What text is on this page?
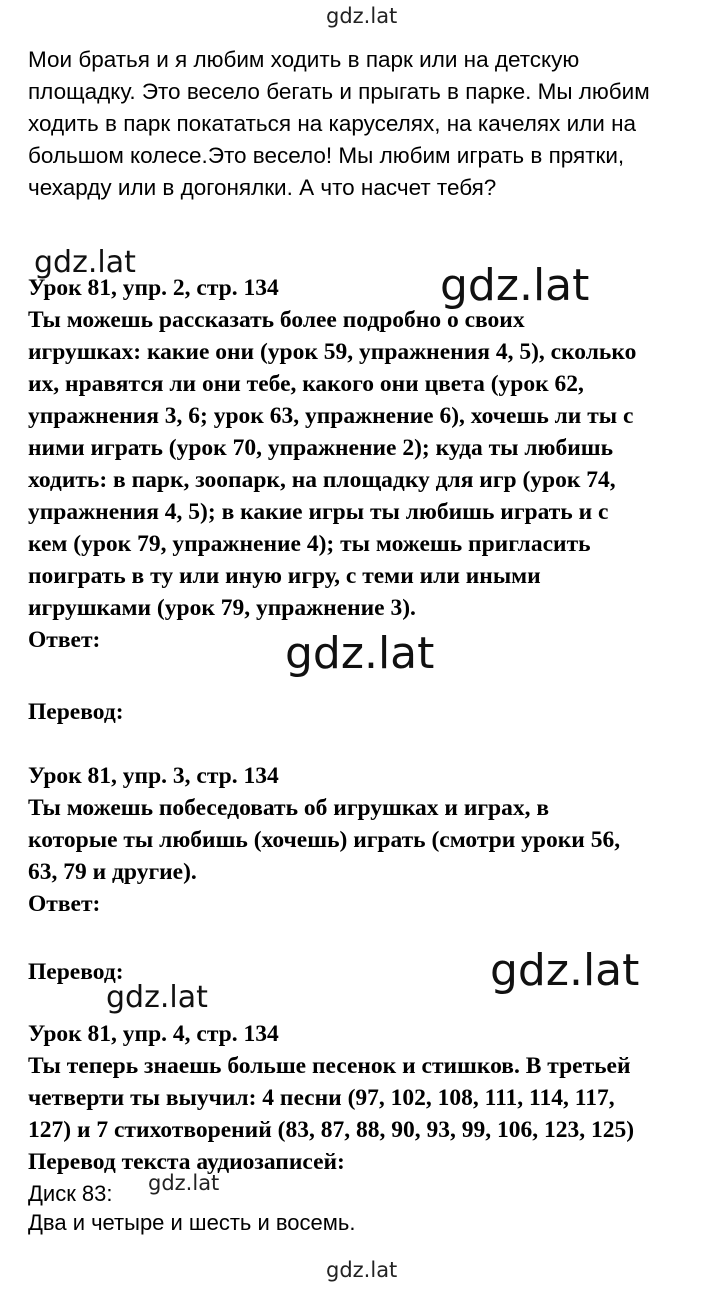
gdz.lat
gdz.lat	gdz.lat
gdz.lat
gdz.lat
gdz.lat
gdz.lat
gdz.lat
Мои братья и я любим ходить в парк или на детскую
площадку. Это весело бегать и прыгать в парке. Мы любим
ходить в парк покататься на каруселях, на качелях или на
большом колесе.Это весело! Мы любим играть в прятки,
чехарду или в догонялки. А что насчет тебя?
Урок 81, упр. 2, стр. 134
Ты можешь рассказать более подробно о своих
игрушках: какие они (урок 59, упражнения 4, 5), сколько
их, нравятся ли они тебе, какого они цвета (урок 62,
упражнения 3, 6; урок 63, упражнение 6), хочешь ли ты с
ними играть (урок 70, упражнение 2); куда ты любишь
ходить: в парк, зоопарк, на площадку для игр (урок 74,
упражнения 4, 5); в какие игры ты любишь играть и с
кем (урок 79, упражнение 4); ты можешь пригласить
поиграть в ту или иную игру, с теми или иными
игрушками (урок 79, упражнение 3).
Ответ:
Перевод:
Урок 81, упр. 3, стр. 134
Ты можешь побеседовать об игрушках и играх, в
которые ты любишь (хочешь) играть (смотри уроки 56,
63, 79 и другие).
Ответ:
Перевод:
Урок 81, упр. 4, стр. 134
Ты теперь знаешь больше песенок и стишков. В третьей
четверти ты выучил: 4 песни (97, 102, 108, 111, 114, 117,
127) и 7 стихотворений (83, 87, 88, 90, 93, 99, 106, 123, 125)
Перевод текста аудиозаписей:
Диск 83:
Два и четыре и шесть и восемь.
